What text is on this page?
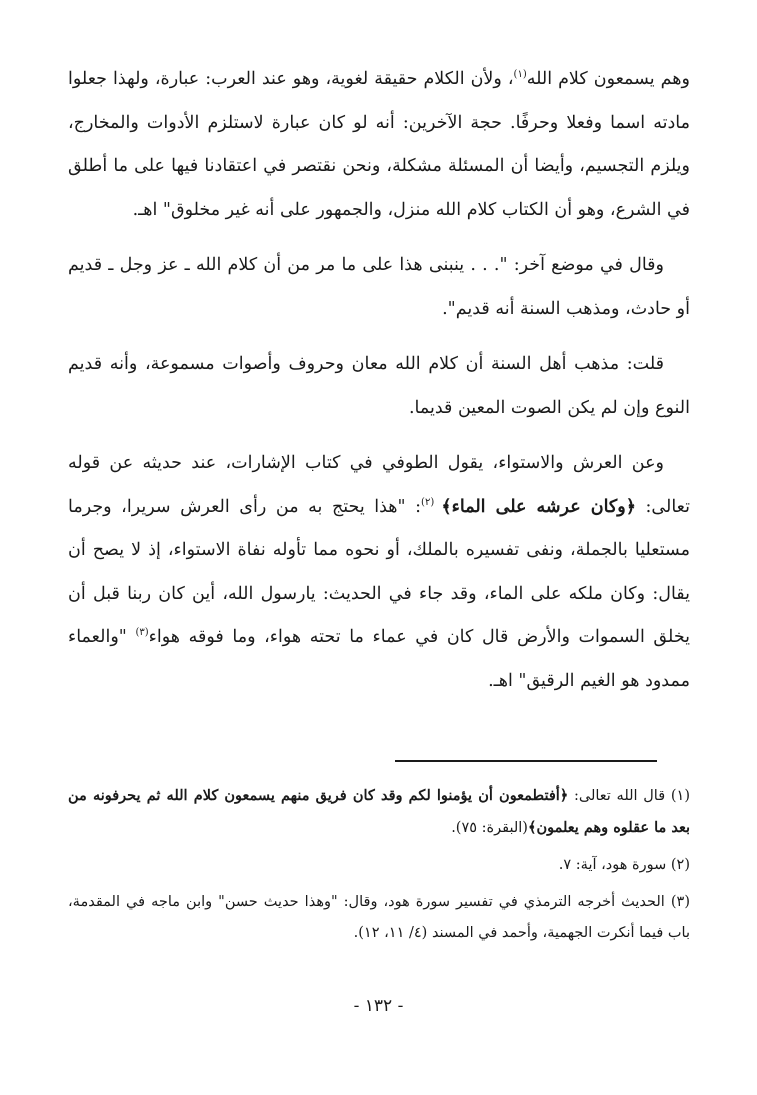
وهم يسمعون كلام الله$^{(١)}$، ولأن الكلام حقيقة لغوية، وهو عند العرب: عبارة، ولهذا جعلوا مادته اسما وفعلا وحرفًا. حجة الآخرين: أنه لو كان عبارة لاستلزم الأدوات والمخارج، ويلزم التجسيم، وأيضا أن المسئلة مشكلة، ونحن نقتصر في اعتقادنا فيها على ما أطلق في الشرع، وهو أن الكتاب كلام الله منزل، والجمهور على أنه غير مخلوق" اهـ.

وقال في موضع آخر: ". . . ينبنى هذا على ما مر من أن كلام الله ـ عز وجل ـ قديم أو حادث، ومذهب السنة أنه قديم".

قلت: مذهب أهل السنة أن كلام الله معان وحروف وأصوات مسموعة، وأنه قديم النوع وإن لم يكن الصوت المعين قديما.

وعن العرش والاستواء، يقول الطوفي في كتاب الإشارات، عند حديثه عن قوله تعالى: ﴿وكان عرشه على الماء﴾ $^{(٢)}$: "هذا يحتج به من رأى العرش سريرا، وجرما مستعليا بالجملة، ونفى تفسيره بالملك، أو نحوه مما تأوله نفاة الاستواء، إذ لا يصح أن يقال: وكان ملكه على الماء، وقد جاء في الحديث: يارسول الله، أين كان ربنا قبل أن يخلق السموات والأرض قال كان في عماء ما تحته هواء، وما فوقه هواء$^{(٣)}$ "والعماء ممدود هو الغيم الرقيق" اهـ.

(١) قال الله تعالى: ﴿أفتطمعون أن يؤمنوا لكم وقد كان فريق منهم يسمعون كلام الله ثم يحرفونه من بعد ما عقلوه وهم يعلمون﴾(البقرة: ٧٥).

(٢) سورة هود، آية: ٧.

(٣) الحديث أخرجه الترمذي في تفسير سورة هود، وقال: "وهذا حديث حسن" وابن ماجه في المقدمة، باب فيما أنكرت الجهمية، وأحمد في المسند (٤/ ١١، ١٢).

- ١٣٢ -
